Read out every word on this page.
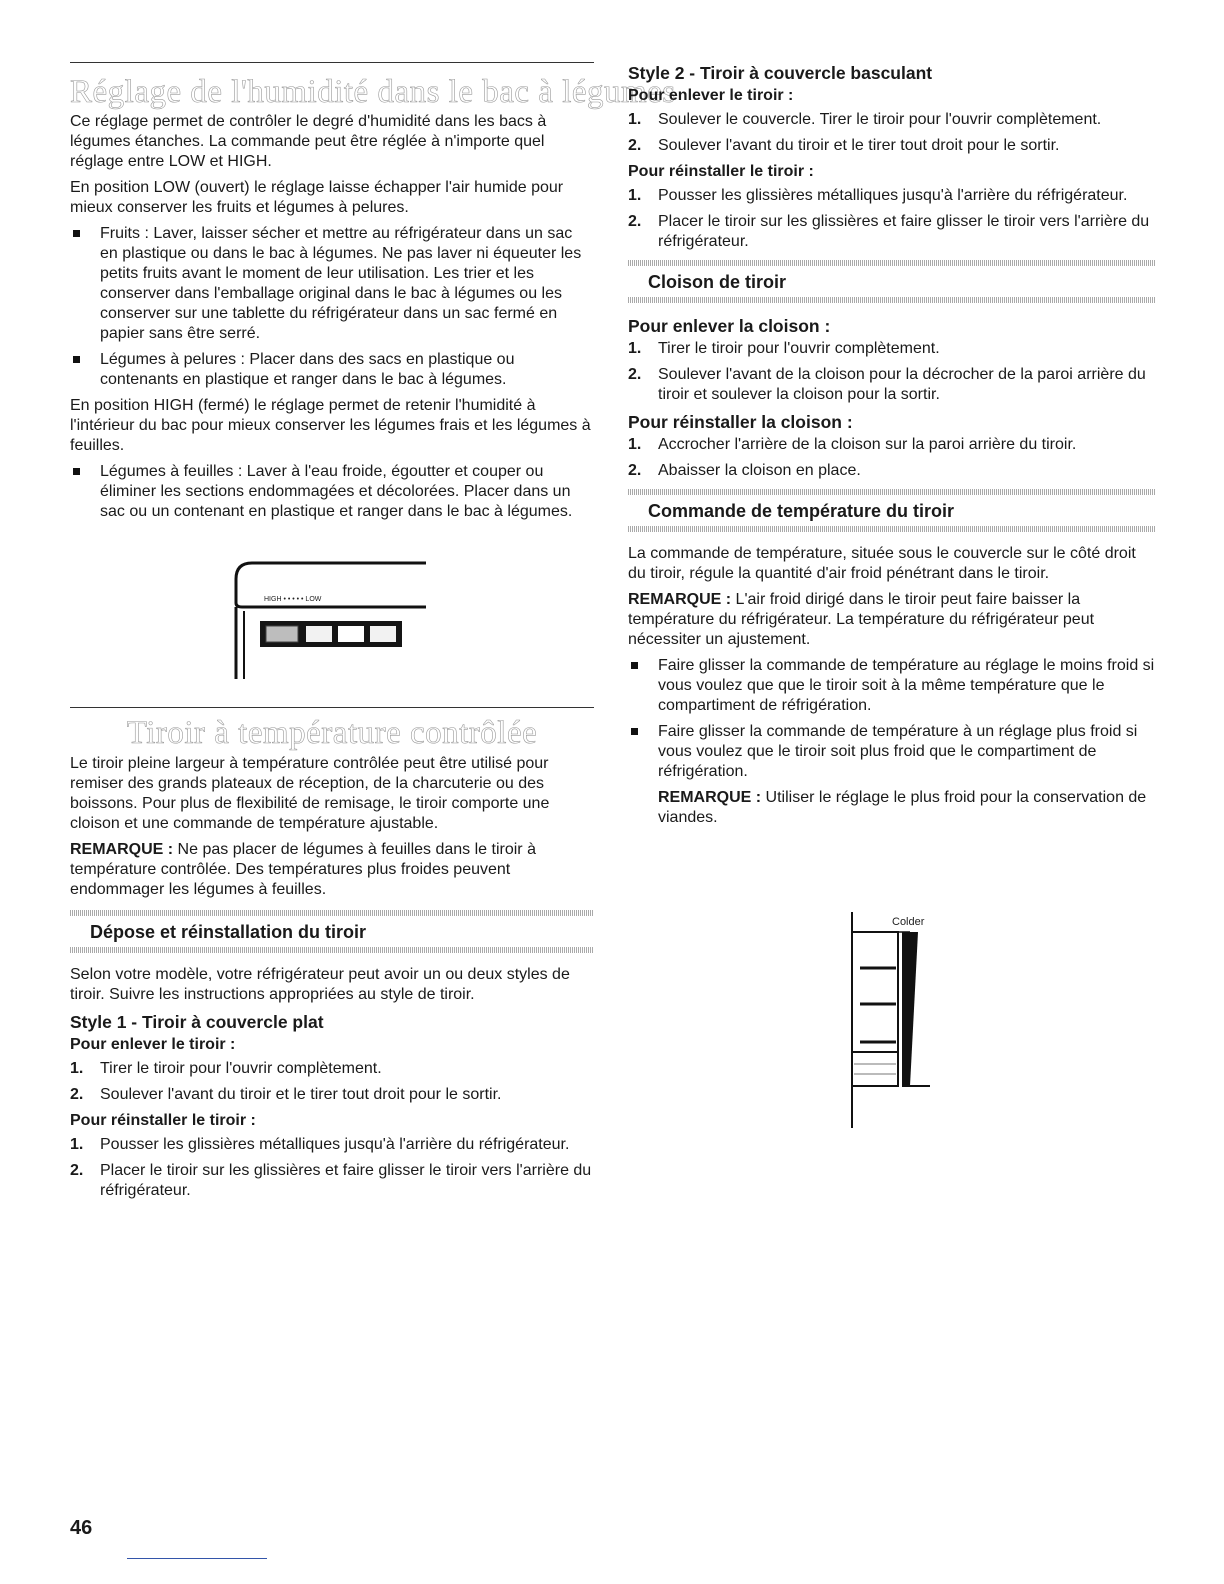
Réglage de l'humidité dans le bac à légumes

Ce réglage permet de contrôler le degré d'humidité dans les bacs à légumes étanches. La commande peut être réglée à n'importe quel réglage entre LOW et HIGH.

En position LOW (ouvert) le réglage laisse échapper l'air humide pour mieux conserver les fruits et légumes à pelures.

Fruits : Laver, laisser sécher et mettre au réfrigérateur dans un sac en plastique ou dans le bac à légumes. Ne pas laver ni équeuter les petits fruits avant le moment de leur utilisation. Les trier et les conserver dans l'emballage original dans le bac à légumes ou les conserver sur une tablette du réfrigérateur dans un sac fermé en papier sans être serré.

Légumes à pelures : Placer dans des sacs en plastique ou contenants en plastique et ranger dans le bac à légumes.

En position HIGH (fermé) le réglage permet de retenir l'humidité à l'intérieur du bac pour mieux conserver les légumes frais et les légumes à feuilles.

Légumes à feuilles : Laver à l'eau froide, égoutter et couper ou éliminer les sections endommagées et décolorées. Placer dans un sac ou un contenant en plastique et ranger dans le bac à légumes.

HIGH • • • • • LOW
Tiroir à température contrôlée

Le tiroir pleine largeur à température contrôlée peut être utilisé pour remiser des grands plateaux de réception, de la charcuterie ou des boissons. Pour plus de flexibilité de remisage, le tiroir comporte une cloison et une commande de température ajustable.

REMARQUE : Ne pas placer de légumes à feuilles dans le tiroir à température contrôlée. Des températures plus froides peuvent endommager les légumes à feuilles.

Dépose et réinstallation du tiroir

Selon votre modèle, votre réfrigérateur peut avoir un ou deux styles de tiroir. Suivre les instructions appropriées au style de tiroir.

Style 1 - Tiroir à couvercle plat
Pour enlever le tiroir :

1. Tirer le tiroir pour l'ouvrir complètement.

2. Soulever l'avant du tiroir et le tirer tout droit pour le sortir.

Pour réinstaller le tiroir :

1. Pousser les glissières métalliques jusqu'à l'arrière du réfrigérateur.

2. Placer le tiroir sur les glissières et faire glisser le tiroir vers l'arrière du réfrigérateur.

46
Style 2 - Tiroir à couvercle basculant
Pour enlever le tiroir :

1. Soulever le couvercle. Tirer le tiroir pour l'ouvrir complètement.

2. Soulever l'avant du tiroir et le tirer tout droit pour le sortir.

Pour réinstaller le tiroir :

1. Pousser les glissières métalliques jusqu'à l'arrière du réfrigérateur.

2. Placer le tiroir sur les glissières et faire glisser le tiroir vers l'arrière du réfrigérateur.

Cloison de tiroir
Pour enlever la cloison :

1. Tirer le tiroir pour l'ouvrir complètement.

2. Soulever l'avant de la cloison pour la décrocher de la paroi arrière du tiroir et soulever la cloison pour la sortir.

Pour réinstaller la cloison :

1. Accrocher l'arrière de la cloison sur la paroi arrière du tiroir.

2. Abaisser la cloison en place.

Commande de température du tiroir

La commande de température, située sous le couvercle sur le côté droit du tiroir, régule la quantité d'air froid pénétrant dans le tiroir.

REMARQUE : L'air froid dirigé dans le tiroir peut faire baisser la température du réfrigérateur. La température du réfrigérateur peut nécessiter un ajustement.

Faire glisser la commande de température au réglage le moins froid si vous voulez que que le tiroir soit à la même température que le compartiment de réfrigération.

Faire glisser la commande de température à un réglage plus froid si vous voulez que le tiroir soit plus froid que le compartiment de réfrigération.

REMARQUE : Utiliser le réglage le plus froid pour la conservation de viandes.

Colder
